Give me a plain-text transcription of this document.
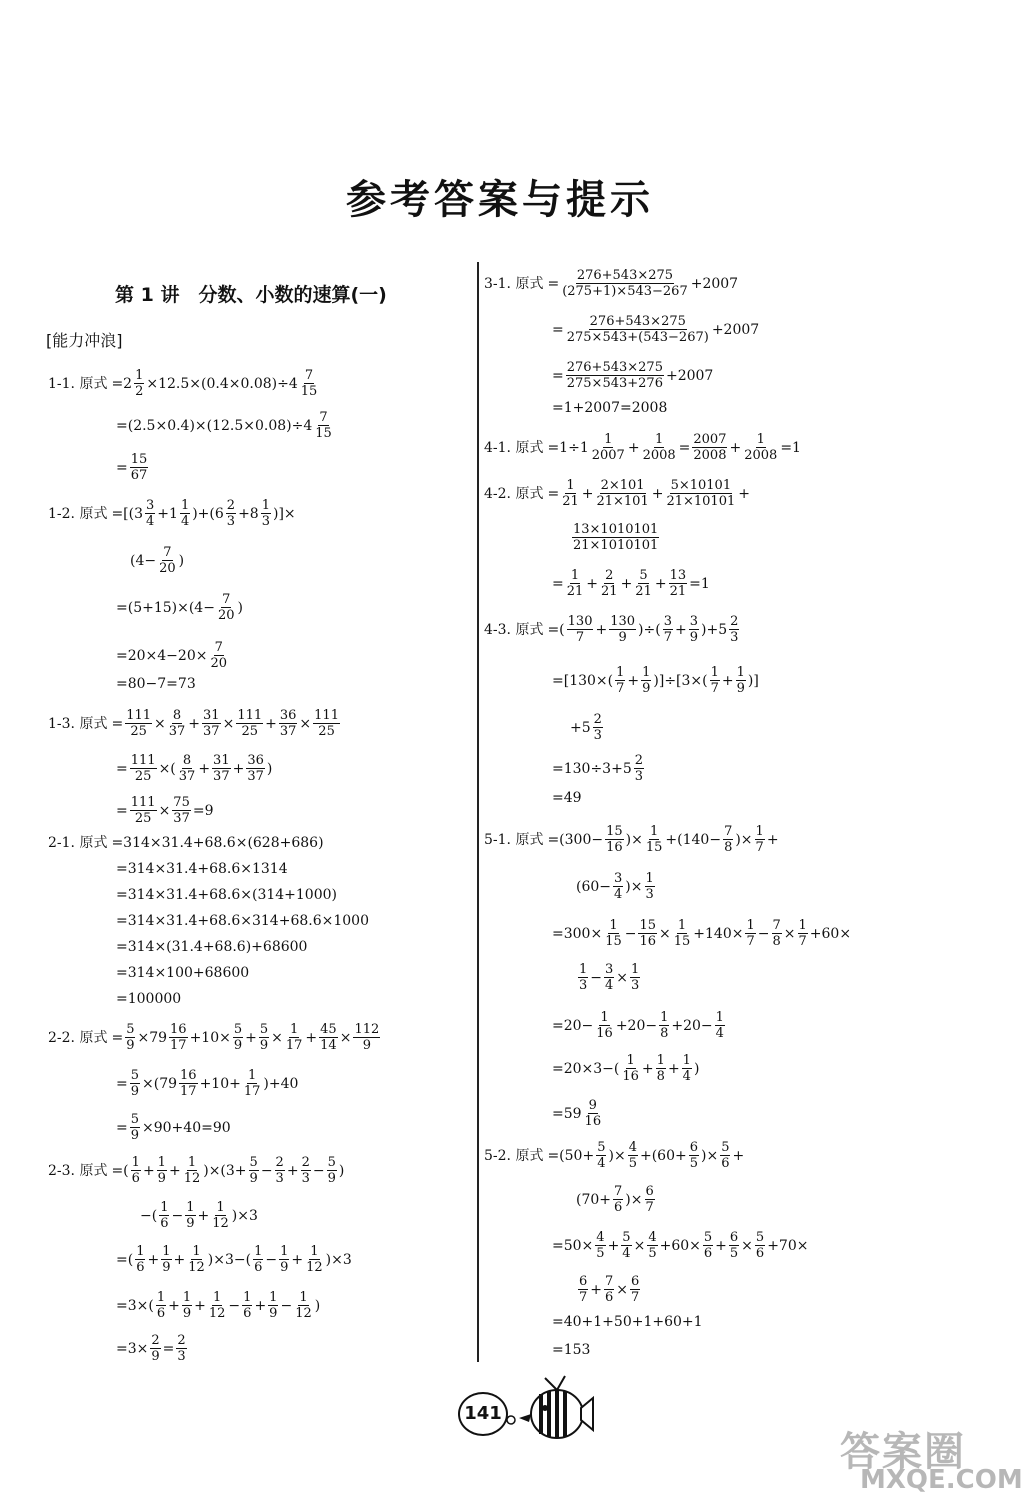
参考答案与提示
第 1 讲　分数、小数的速算(一)
[能力冲浪]
1-1. 原式 $=2 \frac{1}{2} \times 12.5\times(0.4\times 0.08)\div 4 \frac{7}{15}$
$=(2.5\times 0.4)\times(12.5\times 0.08)\div 4 \frac{7}{15}$
= $\frac{15}{67}$
1-2. 原式 $=[(3 \frac{3}{4} +1 \frac{1}{4} )+(6 \frac{2}{3} +8 \frac{1}{3}$ )]×
($4- \frac{7}{20}$ )
$=(5+15)\times(4- \frac{7}{20}$ )
$=20\times 4-20\times \frac{7}{20}$
=80−7=73
1-3. 原式 = $\frac{111}{25} \times \frac{8}{37} + \frac{31}{37} \times \frac{111}{25} + \frac{36}{37} \times \frac{111}{25}$
= $\frac{111}{25}$ ×( $\frac{8}{37} + \frac{31}{37} + \frac{36}{37}$ )
= $\frac{111}{25} \times \frac{75}{37} =9$
2-1. 原式 =314×31.4+68.6×(628+686)
=314×31.4+68.6×1314
=314×31.4+68.6×(314+1000)
=314×31.4+68.6×314+68.6×1000
=314×(31.4+68.6)+68600
=314×100+68600
=100000
2-2. 原式 = $\frac{5}{9} \times 79 \frac{16}{17} +10\times \frac{5}{9} + \frac{5}{9} \times \frac{1}{17} + \frac{45}{14} \times \frac{112}{9}$
= $\frac{5}{9} \times(79 \frac{16}{17} +10+ \frac{1}{17} )+40$
= $\frac{5}{9} \times 90+40=90$
2-3. 原式 =( $\frac{1}{6} + \frac{1}{9} + \frac{1}{12} )\times(3+ \frac{5}{9} - \frac{2}{3} + \frac{2}{3} - \frac{5}{9}$ )
−( $\frac{1}{6} - \frac{1}{9} + \frac{1}{12} )\times 3$
=( $\frac{1}{6} + \frac{1}{9} + \frac{1}{12} )\times 3-( \frac{1}{6} - \frac{1}{9} + \frac{1}{12} )\times 3$
$=3\times( \frac{1}{6} + \frac{1}{9} + \frac{1}{12} - \frac{1}{6} + \frac{1}{9} - \frac{1}{12}$ )
$=3\times \frac{2}{9} = \frac{2}{3}$
3-1. 原式 = $\frac{276+543\times 275}{(275+1)\times 543-267} +2007$
= $\frac{276+543\times 275}{275\times 543+(543-267)} +2007$
= $\frac{276+543\times 275}{275\times 543+276} +2007$
=1+2007=2008
4-1. 原式 $=1\div 1 \frac{1}{2007} + \frac{1}{2008} = \frac{2007}{2008} + \frac{1}{2008} =1$
4-2. 原式 = $\frac{1}{21} + \frac{2\times 101}{21\times 101} + \frac{5\times 10101}{21\times 10101}$ +
$\frac{13\times 1010101}{21\times 1010101}$
= $\frac{1}{21} + \frac{2}{21} + \frac{5}{21} + \frac{13}{21} =1$
4-3. 原式 =( $\frac{130}{7} + \frac{130}{9}$ )÷( $\frac{3}{7} + \frac{3}{9} )+5 \frac{2}{3}$
$=[130\times( \frac{1}{7} + \frac{1}{9} )]\div[3\times( \frac{1}{7} + \frac{1}{9}$ )]
$+5 \frac{2}{3}$
$=130\div 3+5 \frac{2}{3}$
=49
5-1. 原式 $=(300- \frac{15}{16}$ )× $\frac{1}{15} +(140- \frac{7}{8}$ )× $\frac{1}{7}$ +
($60- \frac{3}{4}$ )× $\frac{1}{3}$
$=300\times \frac{1}{15} - \frac{15}{16} \times \frac{1}{15} +140\times \frac{1}{7} - \frac{7}{8} \times \frac{1}{7} +60\times$
$\frac{1}{3} - \frac{3}{4} \times \frac{1}{3}$
$=20- \frac{1}{16} +20- \frac{1}{8} +20- \frac{1}{4}$
$=20\times 3-( \frac{1}{16} + \frac{1}{8} + \frac{1}{4}$ )
$=59 \frac{9}{16}$
5-2. 原式 $=(50+ \frac{5}{4}$ )× $\frac{4}{5} +(60+ \frac{6}{5}$ )× $\frac{5}{6}$ +
($70+ \frac{7}{6}$ )× $\frac{6}{7}$
$=50\times \frac{4}{5} + \frac{5}{4} \times \frac{4}{5} +60\times \frac{5}{6} + \frac{6}{5} \times \frac{5}{6} +70\times$
$\frac{6}{7} + \frac{7}{6} \times \frac{6}{7}$
=40+1+50+1+60+1
=153
141
答案圈
MXQE.COM
